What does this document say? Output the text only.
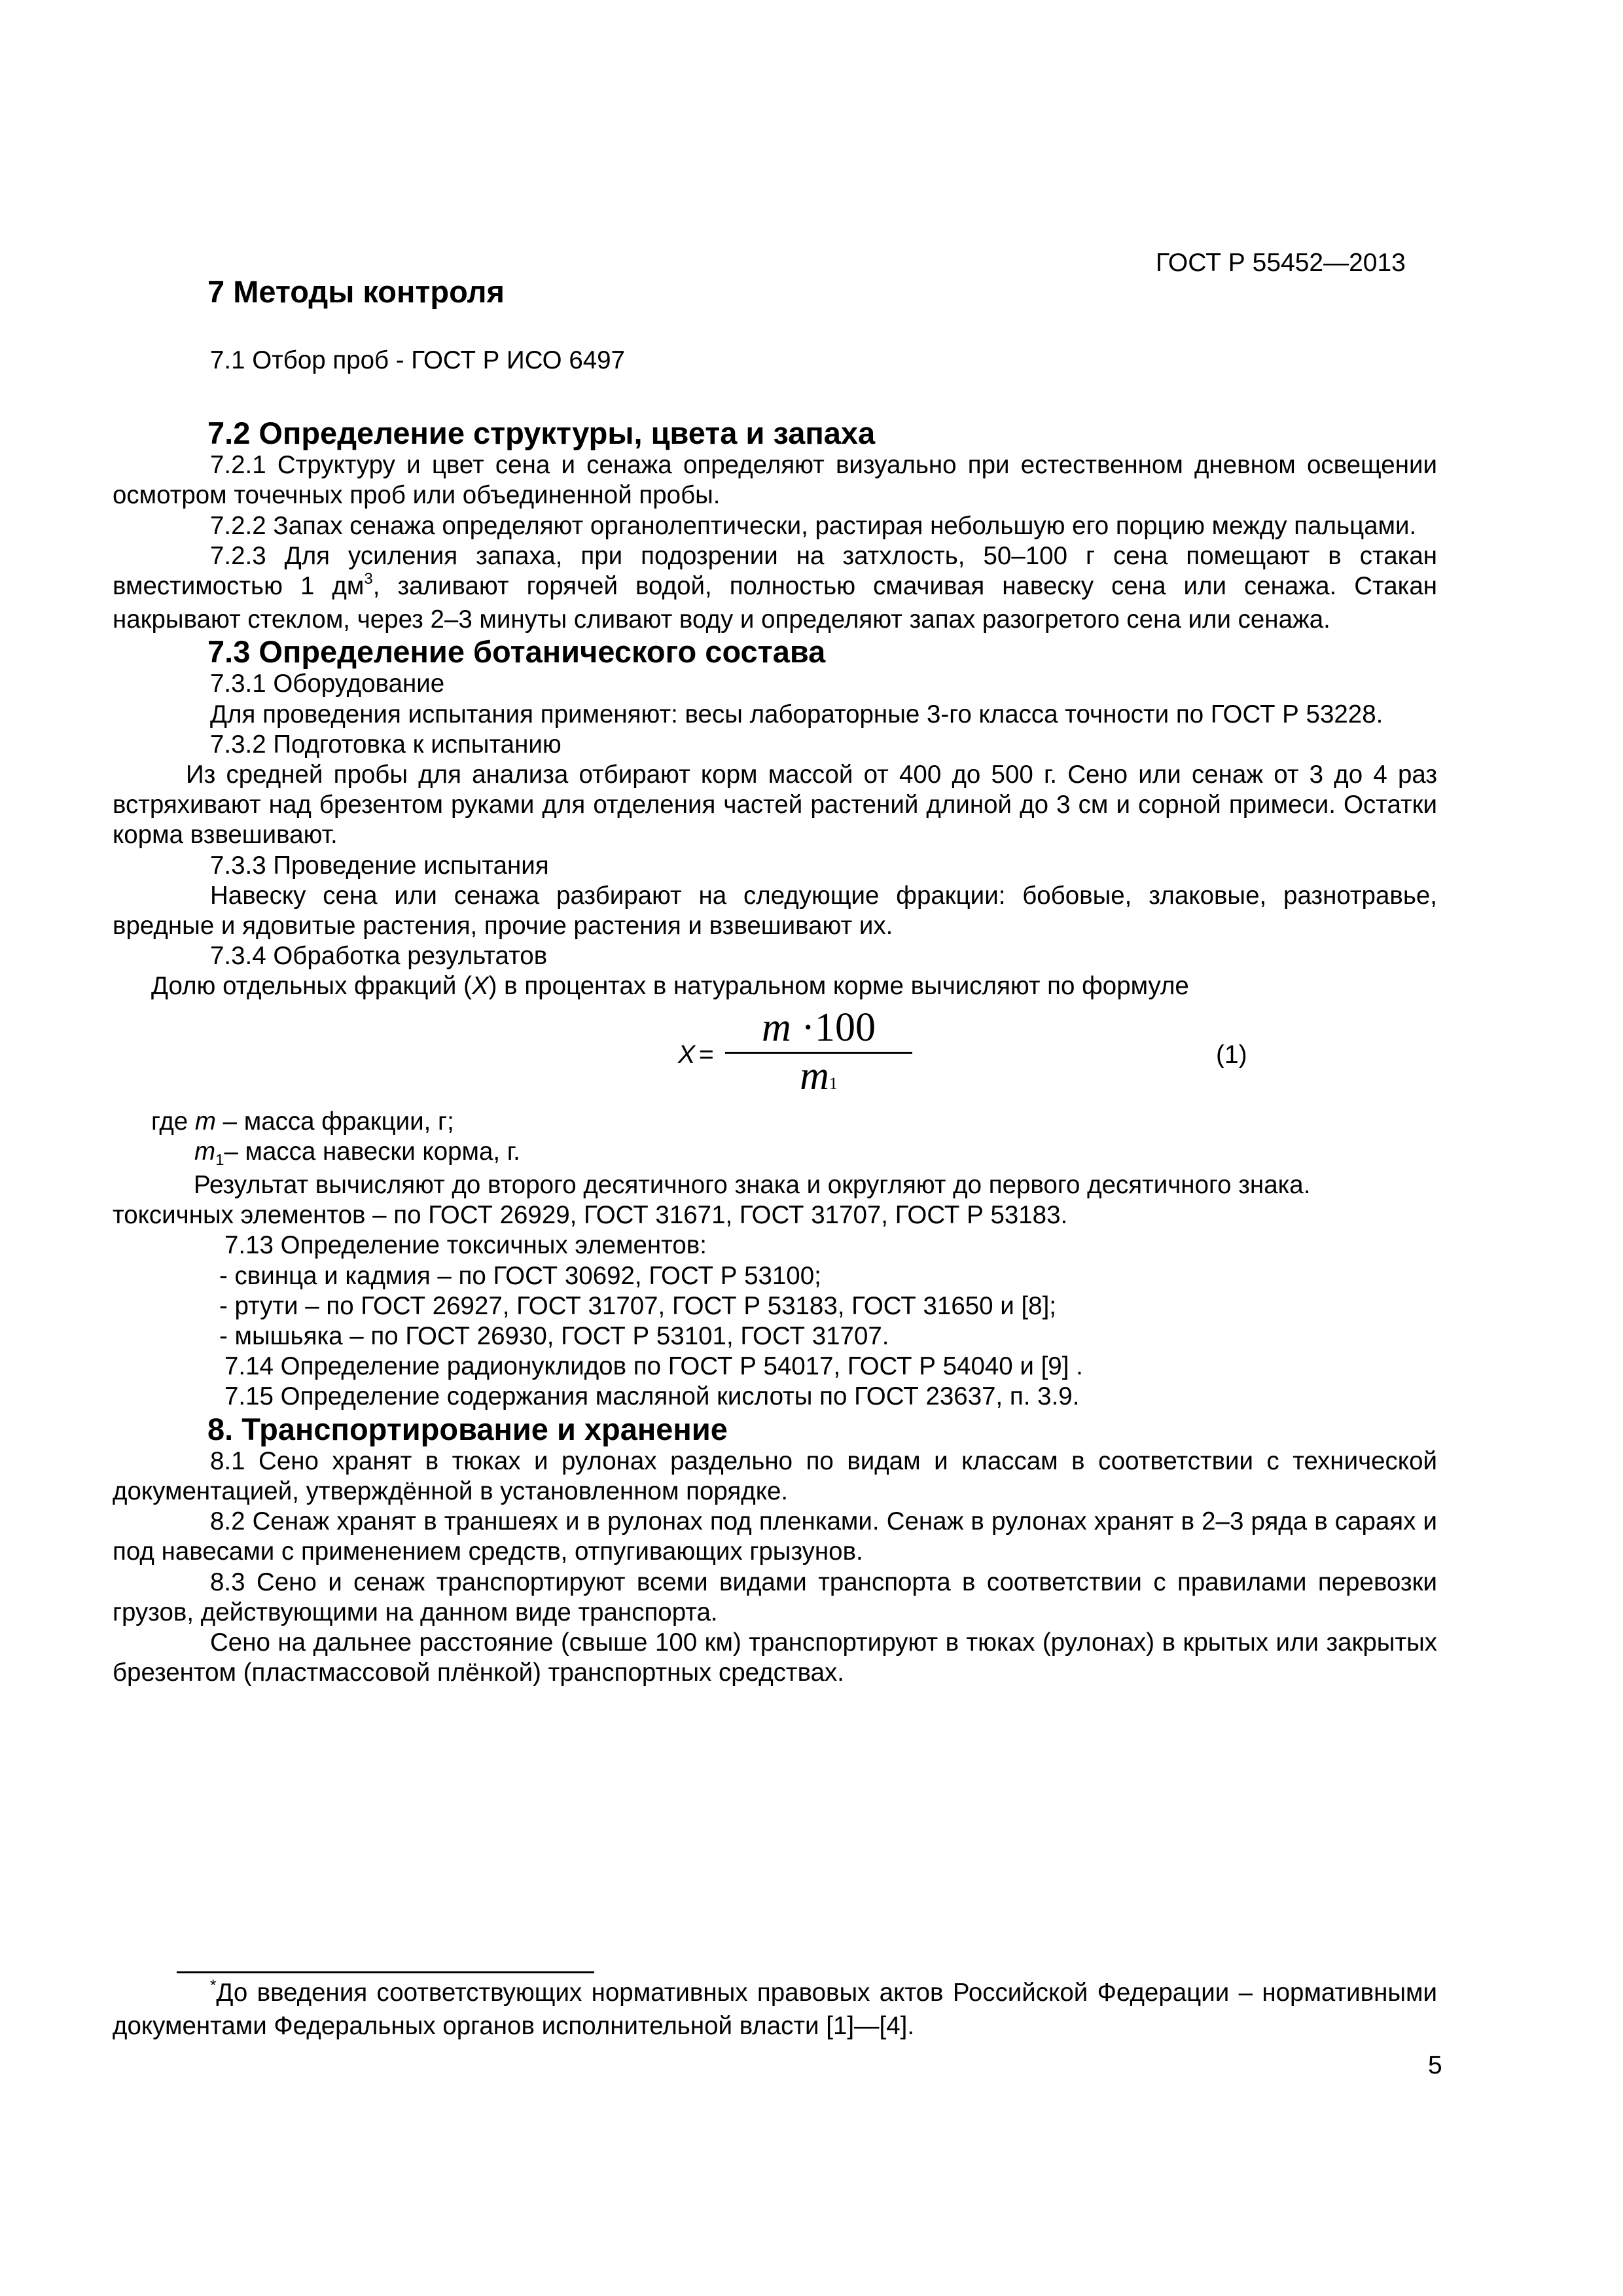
ГОСТ Р 55452—2013

7 Методы контроля

7.1 Отбор проб - ГОСТ Р ИСО 6497

7.2 Определение структуры, цвета и запаха

7.2.1 Структуру и цвет сена и сенажа определяют визуально при естественном дневном освещении осмотром точечных проб или объединенной пробы.

7.2.2 Запах сенажа определяют органолептически, растирая небольшую его порцию между пальцами.

7.2.3 Для усиления запаха, при подозрении на затхлость, 50–100 г сена помещают в стакан вместимостью 1 $дм^3$, заливают горячей водой, полностью смачивая навеску сена или сенажа. Стакан накрывают стеклом, через 2–3 минуты сливают воду и определяют запах разогретого сена или сенажа.

7.3 Определение ботанического состава

7.3.1 Оборудование

Для проведения испытания применяют: весы лабораторные 3-го класса точности по ГОСТ Р 53228.

7.3.2 Подготовка к испытанию

Из средней пробы для анализа отбирают корм массой от 400 до 500 г. Сено или сенаж от 3 до 4 раз встряхивают над брезентом руками для отделения частей растений длиной до 3 см и сорной примеси. Остатки корма взвешивают.

7.3.3 Проведение испытания

Навеску сена или сенажа разбирают на следующие фракции: бобовые, злаковые, разнотравье, вредные и ядовитые растения, прочие растения и взвешивают их.

7.3.4 Обработка результатов

Долю отдельных фракций (X) в процентах в натуральном корме вычисляют по формуле

X =
m ·100
m1
(1)

где m – масса фракции, г;

$m_1-$ масса навески корма, г.

Результат вычисляют до второго десятичного знака и округляют до первого десятичного знака.

токсичных элементов – по ГОСТ 26929, ГОСТ 31671, ГОСТ 31707, ГОСТ Р 53183.

7.13 Определение токсичных элементов:

- свинца и кадмия – по ГОСТ 30692, ГОСТ Р 53100;

- ртути – по ГОСТ 26927, ГОСТ 31707, ГОСТ Р 53183, ГОСТ 31650 и [8];

- мышьяка – по ГОСТ 26930, ГОСТ Р 53101, ГОСТ 31707.

7.14 Определение радионуклидов по ГОСТ Р 54017, ГОСТ Р 54040 и [9] .

7.15 Определение содержания масляной кислоты по ГОСТ 23637, п. 3.9.

8. Транспортирование и хранение

8.1 Сено хранят в тюках и рулонах раздельно по видам и классам в соответствии с технической документацией, утверждённой в установленном порядке.

8.2 Сенаж хранят в траншеях и в рулонах под пленками. Сенаж в рулонах хранят в 2–3 ряда в сараях и под навесами с применением средств, отпугивающих грызунов.

8.3 Сено и сенаж транспортируют всеми видами транспорта в соответствии с правилами перевозки грузов, действующими на данном виде транспорта.

Сено на дальнее расстояние (свыше 100 км) транспортируют в тюках (рулонах) в крытых или закрытых брезентом (пластмассовой плёнкой) транспортных средствах.

*До введения соответствующих нормативных правовых актов Российской Федерации – нормативными документами Федеральных органов исполнительной власти [1]—[4].

5
